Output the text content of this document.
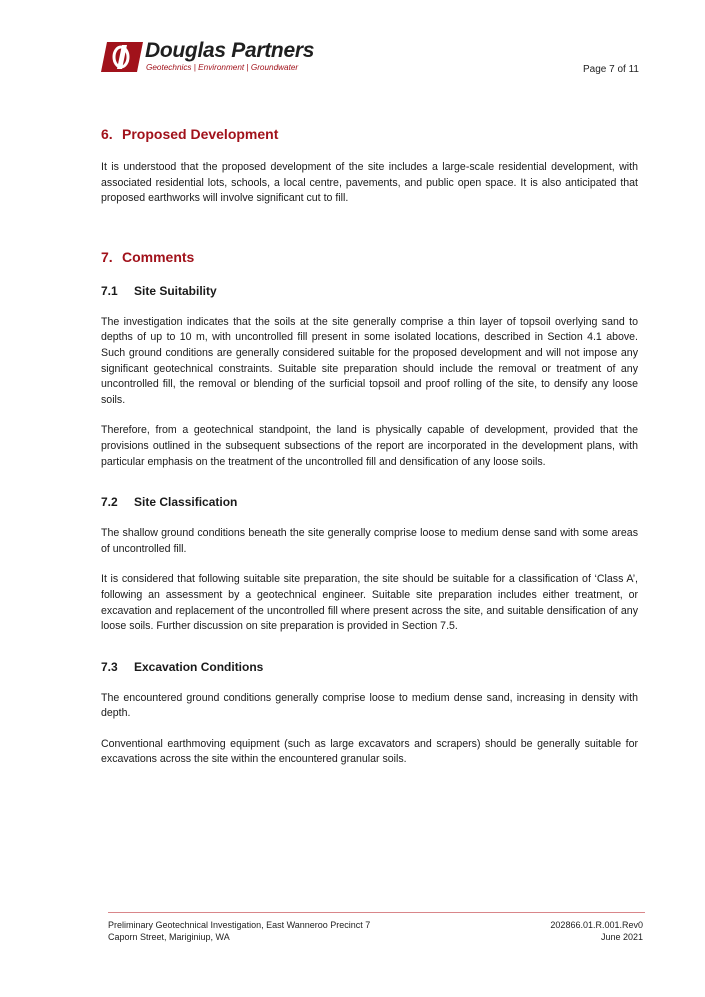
Douglas Partners
Geotechnics | Environment | Groundwater	Page 7 of 11
6. Proposed Development

It is understood that the proposed development of the site includes a large-scale residential development, with associated residential lots, schools, a local centre, pavements, and public open space. It is also anticipated that proposed earthworks will involve significant cut to fill.

7. Comments
7.1 Site Suitability

The investigation indicates that the soils at the site generally comprise a thin layer of topsoil overlying sand to depths of up to 10 m, with uncontrolled fill present in some isolated locations, described in Section 4.1 above. Such ground conditions are generally considered suitable for the proposed development and will not impose any significant geotechnical constraints. Suitable site preparation should include the removal or treatment of any uncontrolled fill, the removal or blending of the surficial topsoil and proof rolling of the site, to densify any loose soils.

Therefore, from a geotechnical standpoint, the land is physically capable of development, provided that the provisions outlined in the subsequent subsections of the report are incorporated in the development plans, with particular emphasis on the treatment of the uncontrolled fill and densification of any loose soils.

7.2 Site Classification

The shallow ground conditions beneath the site generally comprise loose to medium dense sand with some areas of uncontrolled fill.

It is considered that following suitable site preparation, the site should be suitable for a classification of ‘Class A’, following an assessment by a geotechnical engineer. Suitable site preparation includes either treatment, or excavation and replacement of the uncontrolled fill where present across the site, and suitable densification of any loose soils. Further discussion on site preparation is provided in Section 7.5.

7.3 Excavation Conditions

The encountered ground conditions generally comprise loose to medium dense sand, increasing in density with depth.

Conventional earthmoving equipment (such as large excavators and scrapers) should be generally suitable for excavations across the site within the encountered granular soils.

Preliminary Geotechnical Investigation, East Wanneroo Precinct 7
Caporn Street, Mariginiup, WA
202866.01.R.001.Rev0
June 2021
